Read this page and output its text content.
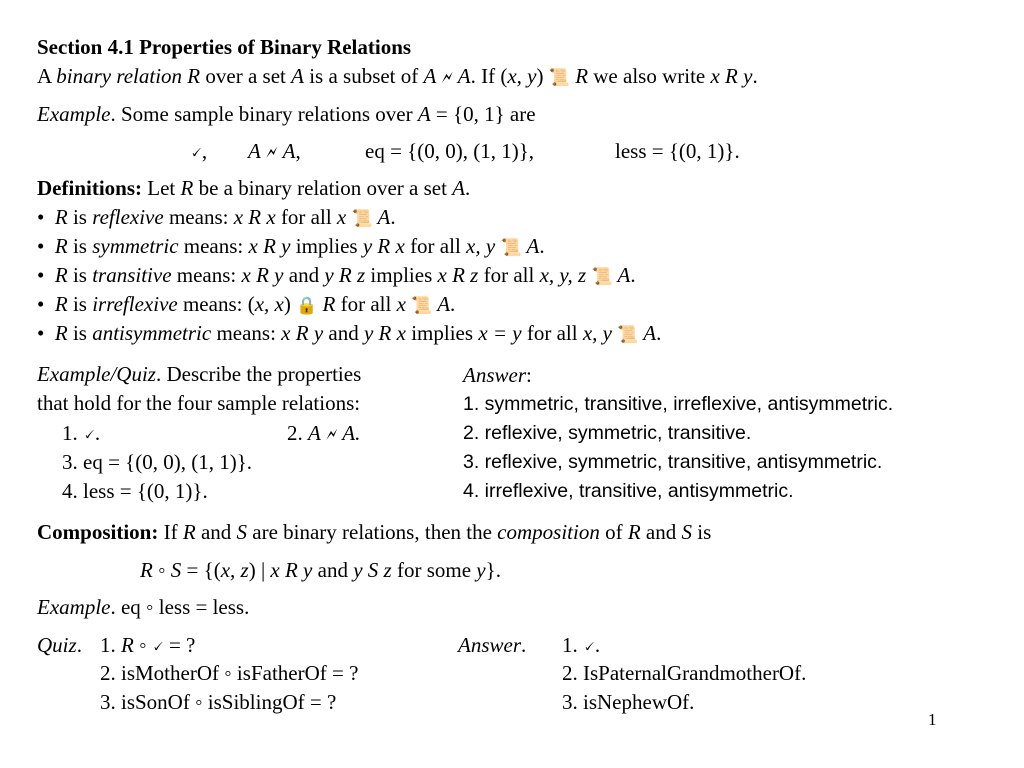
Section 4.1 Properties of Binary Relations
A binary relation R over a set A is a subset of A 🗲 A. If (x, y) 📜 R we also write x R y.
Example. Some sample binary relations over A = {0, 1} are
🗸, A 🗲 A,	eq = {(0, 0), (1, 1)},	less = {(0, 1)}.
Definitions: Let R be a binary relation over a set A.
• R is reflexive means: x R x for all x 📜 A.
• R is symmetric means: x R y implies y R x for all x, y 📜 A.
• R is transitive means: x R y and y R z implies x R z for all x, y, z 📜 A.
• R is irreflexive means: (x, x) 🔒 R for all x 📜 A.
• R is antisymmetric means: x R y and y R x implies x = y for all x, y 📜 A.
Example/Quiz. Describe the properties
that hold for the four sample relations:
1. 🗸.	2. A 🗲 A.
3. eq = {(0, 0), (1, 1)}.
4. less = {(0, 1)}.
Answer:
1. symmetric, transitive, irreflexive, antisymmetric.
2. reflexive, symmetric, transitive.
3. reflexive, symmetric, transitive, antisymmetric.
4. irreflexive, transitive, antisymmetric.
Composition: If R and S are binary relations, then the composition of R and S is
R ◦ S = {(x, z) | x R y and y S z for some y}.
Example. eq ◦ less = less.
Quiz. 1. R ◦ 🗸 = ?
2. isMotherOf ◦ isFatherOf = ?
3. isSonOf ◦ isSiblingOf = ?
Answer. 1. 🗸.
2. IsPaternalGrandmotherOf.
3. isNephewOf.
1
